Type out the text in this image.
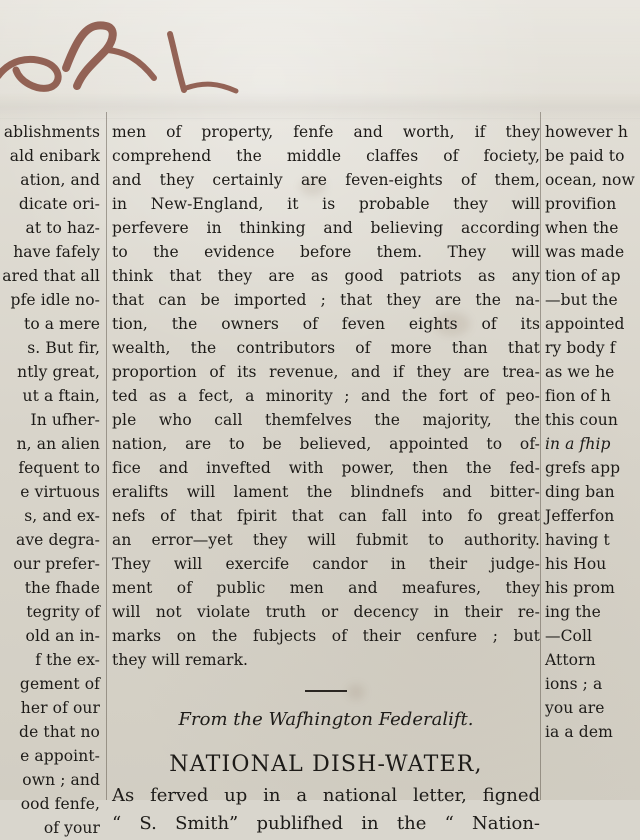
ablishments
ald enibark
ation, and
dicate ori-
at to haz-
have fafely
ared that all
pfe idle no-
to a mere
s. But fir,
ntly great,
ut a ftain,
In ufher-
n, an alien
fequent to
e virtuous
s, and ex-
ave degra-
our prefer-
the fhade
tegrity of
old an in-
f the ex-
gement of
her of our
de that no
e appoint-
own ; and
ood fenfe,
of your
men of property, fenfe and worth, if they
comprehend the middle claffes of fociety,
and they certainly are feven-eights of them,
in New-England, it is probable they will
perfevere in thinking and believing according
to the evidence before them. They will
think that they are as good patriots as any
that can be imported ; that they are the na-
tion, the owners of feven eights of its
wealth, the contributors of more than that
proportion of its revenue, and if they are trea-
ted as a fect, a minority ; and the fort of peo-
ple who call themfelves the majority, the
nation, are to be believed, appointed to of-
fice and invefted with power, then the fed-
eralifts will lament the blindnefs and bitter-
nefs of that fpirit that can fall into fo great
an error—yet they will fubmit to authority.
They will exercife candor in their judge-
ment of public men and meafures, they
will not violate truth or decency in their re-
marks on the fubjects of their cenfure ; but
they will remark.
From the Wafhington Federalift.
NATIONAL DISH-WATER,
As ferved up in a national letter, figned
“ S. Smith” publifhed in the “ Nation-
however h
be paid to
ocean, now
provifion
when the
was made
tion of ap
—but the
appointed
ry body f
as we he
fion of h
this coun
in a fhip
grefs app
ding ban
Jefferfon
having t
his Hou
his prom
ing the
—Coll
Attorn
ions ; a
you are
ia a dem
